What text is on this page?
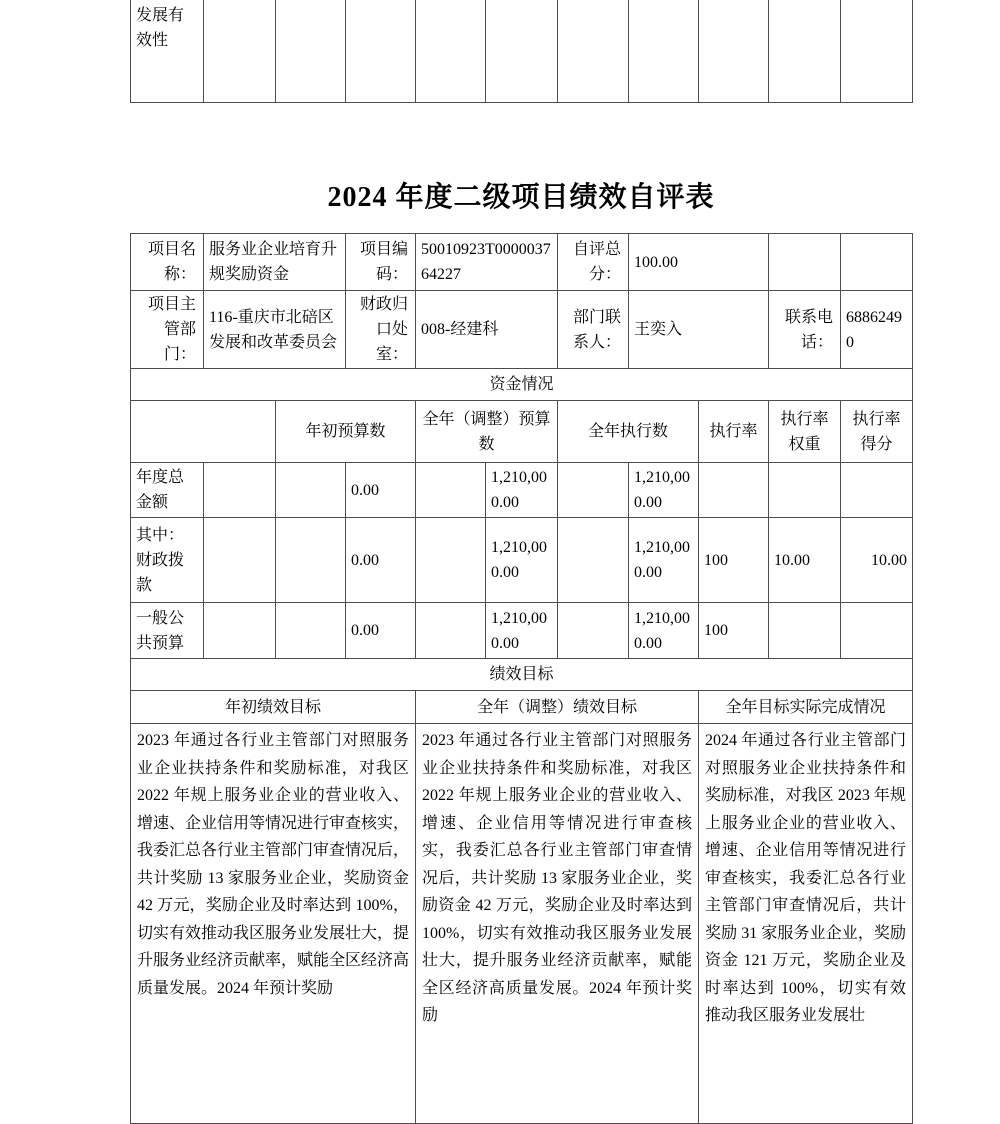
发展有效性										
2024 年度二级项目绩效自评表
项目名称：	服务业企业培育升规奖励资金		项目编码：	50010923T000003764227		自评总分：	100.00			
项目主管部门：	116-重庆市北碚区发展和改革委员会		财政归口处室：	008-经建科		部门联系人：	王奕入		联系电话：	68862490
资金情况										
		年初预算数		全年（调整）预算数		全年执行数		执行率	执行率权重	执行率得分
年度总金额			0.00		1,210,000.00		1,210,000.00			
其中：财政拨款			0.00		1,210,000.00		1,210,000.00	100	10.00	10.00
一般公共预算			0.00		1,210,000.00		1,210,000.00	100		
绩效目标										
年初绩效目标				全年（调整）绩效目标				全年目标实际完成情况		
2023 年通过各行业主管部门对照服务业企业扶持条件和奖励标准，对我区 2022 年规上服务业企业的营业收入、增速、企业信用等情况进行审查核实，我委汇总各行业主管部门审查情况后，共计奖励 13 家服务业企业，奖励资金 42 万元，奖励企业及时率达到 100%，切实有效推动我区服务业发展壮大，提升服务业经济贡献率，赋能全区经济高质量发展。2024 年预计奖励				2023 年通过各行业主管部门对照服务业企业扶持条件和奖励标准，对我区 2022 年规上服务业企业的营业收入、增速、企业信用等情况进行审查核实，我委汇总各行业主管部门审查情况后，共计奖励 13 家服务业企业，奖励资金 42 万元，奖励企业及时率达到 100%，切实有效推动我区服务业发展壮大，提升服务业经济贡献率，赋能全区经济高质量发展。2024 年预计奖励				2024 年通过各行业主管部门对照服务业企业扶持条件和奖励标准，对我区 2023 年规上服务业企业的营业收入、增速、企业信用等情况进行审查核实，我委汇总各行业主管部门审查情况后，共计奖励 31 家服务业企业，奖励资金 121 万元，奖励企业及时率达到 100%，切实有效推动我区服务业发展壮		
